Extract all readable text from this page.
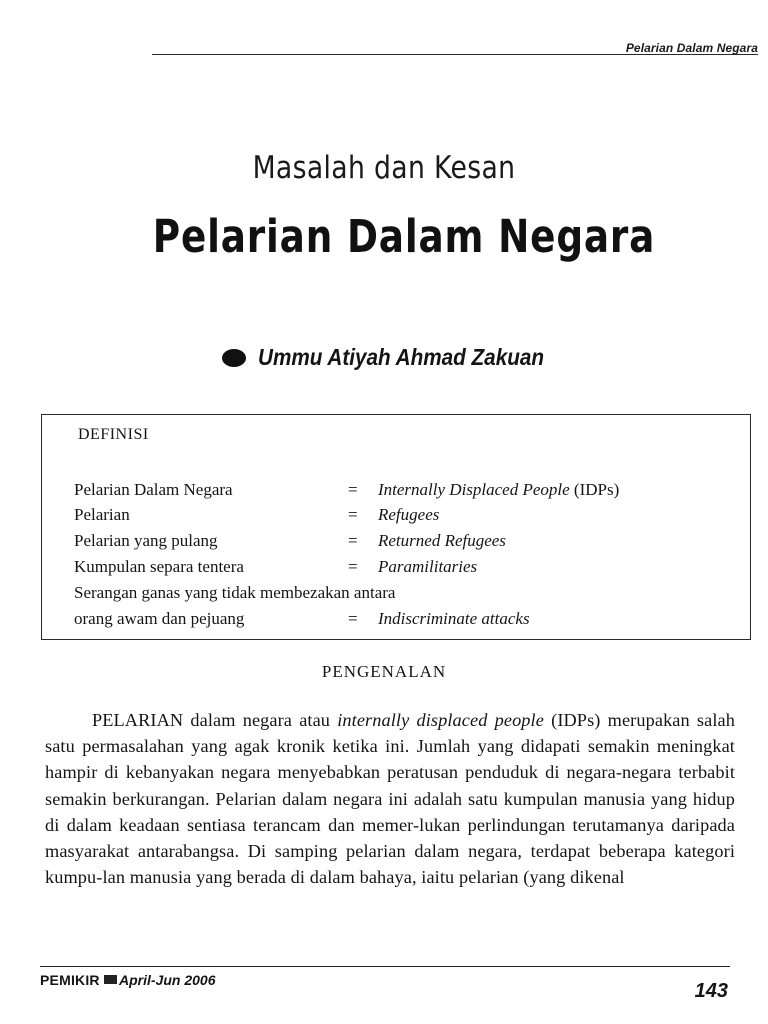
Pelarian Dalam Negara
Masalah dan Kesan
Pelarian Dalam Negara
Ummu Atiyah Ahmad Zakuan
DEFINISI
Pelarian Dalam Negara	= Internally Displaced People (IDPs)
Pelarian	= Refugees
Pelarian yang pulang	= Returned Refugees
Kumpulan separa tentera	= Paramilitaries
Serangan ganas yang tidak membezakan antara
orang awam dan pejuang	= Indiscriminate attacks
PENGENALAN

PELARIAN dalam negara atau internally displaced people (IDPs) merupakan salah satu permasalahan yang agak kronik ketika ini. Jumlah yang didapati semakin meningkat hampir di kebanyakan negara menyebabkan peratusan penduduk di negara-negara terbabit semakin berkurangan. Pelarian dalam negara ini adalah satu kumpulan manusia yang hidup di dalam keadaan sentiasa terancam dan memer-lukan perlindungan terutamanya daripada masyarakat antarabangsa. Di samping pelarian dalam negara, terdapat beberapa kategori kumpu-lan manusia yang berada di dalam bahaya, iaitu pelarian (yang dikenal

PEMIKIR	April-Jun 2006	143
